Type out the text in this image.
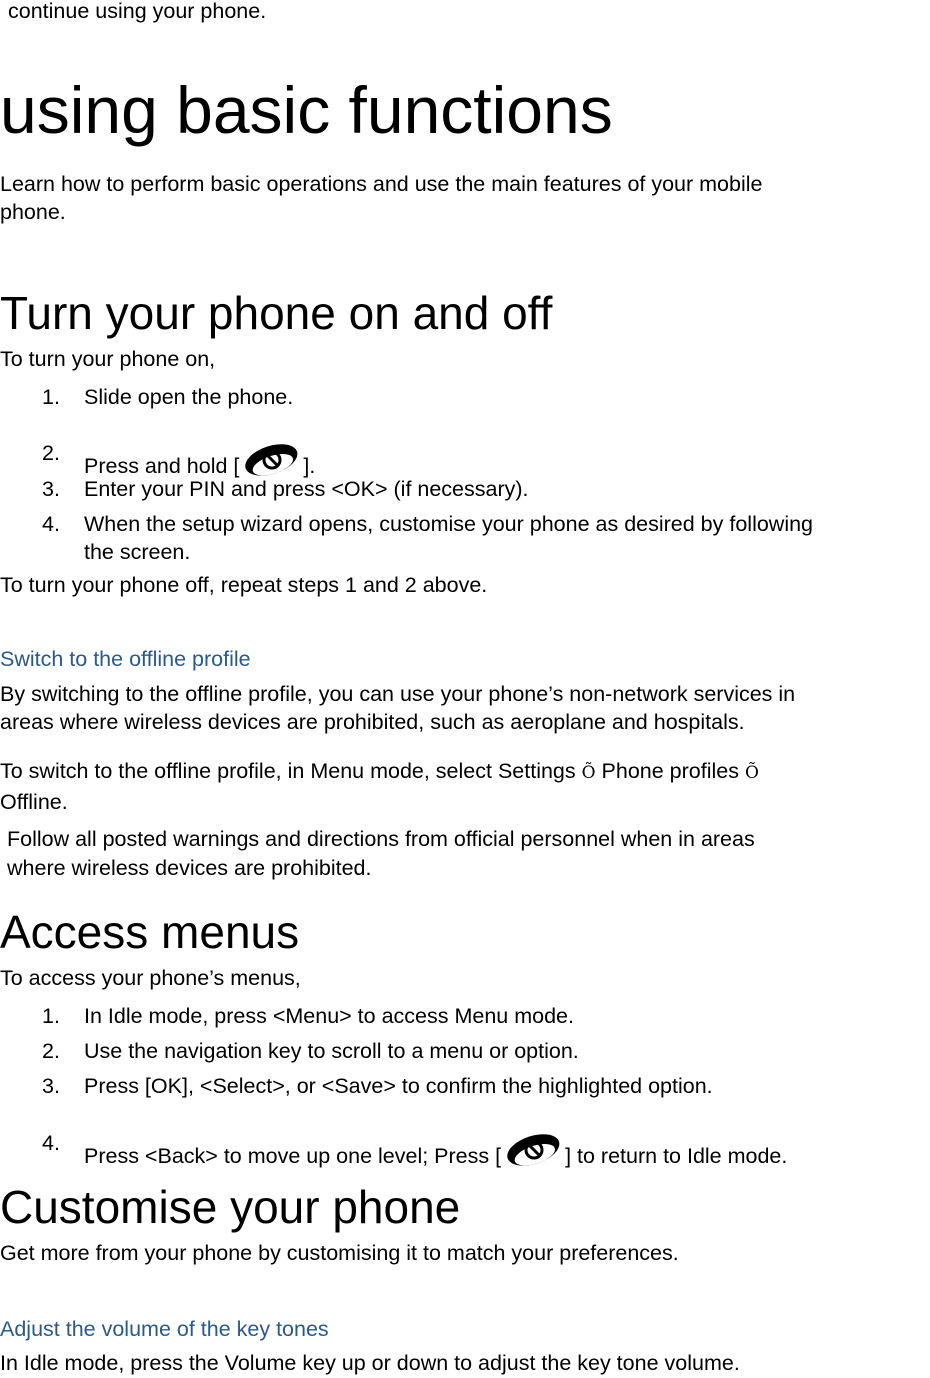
continue using your phone.
using basic functions
Learn how to perform basic operations and use the main features of your mobile
phone.
Turn your phone on and off
To turn your phone on,
1. Slide open the phone.
2.
Press and hold [	].
3. Enter your PIN and press <OK> (if necessary).
4. When the setup wizard opens, customise your phone as desired by following
the screen.
To turn your phone off, repeat steps 1 and 2 above.
Switch to the offline profile
By switching to the offline profile, you can use your phone’s non-network services in
areas where wireless devices are prohibited, such as aeroplane and hospitals.
To switch to the offline profile, in Menu mode, select Settings Õ Phone profiles Õ
Offline.
Follow all posted warnings and directions from official personnel when in areas
where wireless devices are prohibited.
Access menus
To access your phone’s menus,
1. In Idle mode, press <Menu> to access Menu mode.
2. Use the navigation key to scroll to a menu or option.
3. Press [OK], <Select>, or <Save> to confirm the highlighted option.
4.
Press <Back> to move up one level; Press [	] to return to Idle mode.
Customise your phone
Get more from your phone by customising it to match your preferences.
Adjust the volume of the key tones
In Idle mode, press the Volume key up or down to adjust the key tone volume.
